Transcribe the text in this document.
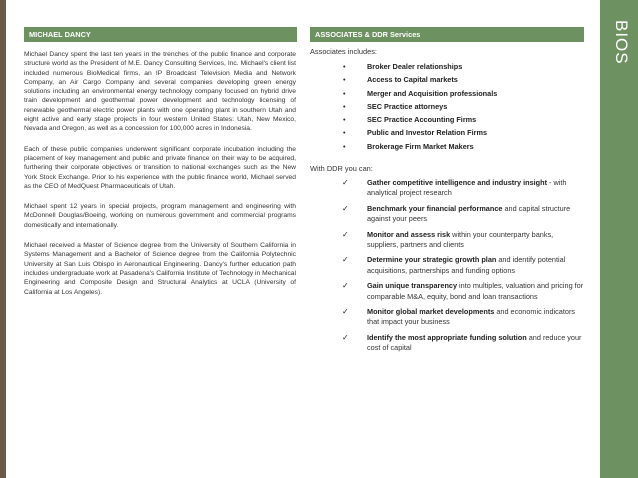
BIOS
MICHAEL DANCY

Michael Dancy spent the last ten years in the trenches of the public finance and corporate structure world as the President of M.E. Dancy Consulting Services, Inc. Michael's client list included numerous BioMedical firms, an IP Broadcast Television Media and Network Company, an Air Cargo Company and several companies developing green energy solutions including an environmental energy technology company focused on hybrid drive train development and geothermal power development and technology licensing of renewable geothermal electric power plants with one operating plant in southern Utah and eight active and early stage projects in four western United States: Utah, New Mexico, Nevada and Oregon, as well as a concession for 100,000 acres in Indonesia.

Each of these public companies underwent significant corporate incubation including the placement of key management and public and private finance on their way to be acquired, furthering their corporate objectives or transition to national exchanges such as the New York Stock Exchange. Prior to his experience with the public finance world, Michael served as the CEO of MedQuest Pharmaceuticals of Utah.

Michael spent 12 years in special projects, program management and engineering with McDonnell Douglas/Boeing, working on numerous government and commercial programs domestically and internationally.

Michael received a Master of Science degree from the University of Southern California in Systems Management and a Bachelor of Science degree from the California Polytechnic University at San Luis Obispo in Aeronautical Engineering. Dancy's further education path includes undergraduate work at Pasadena's California Institute of Technology in Mechanical Engineering and Composite Design and Structural Analytics at UCLA (University of California at Los Angeles).

ASSOCIATES & DDR Services
Associates includes:
•	Broker Dealer relationships
•	Access to Capital markets
•	Merger and Acquisition professionals
•	SEC Practice attorneys
•	SEC Practice Accounting Firms
•	Public and Investor Relation Firms
•	Brokerage Firm Market Makers
With DDR you can:
✓	Gather competitive intelligence and industry insight - with analytical project research
✓	Benchmark your financial performance and capital structure against your peers
✓	Monitor and assess risk within your counterparty banks, suppliers, partners and clients
✓	Determine your strategic growth plan and identify potential acquisitions, partnerships and funding options
✓	Gain unique transparency into multiples, valuation and pricing for comparable M&A, equity, bond and loan transactions
✓	Monitor global market developments and economic indicators that impact your business
✓	Identify the most appropriate funding solution and reduce your cost of capital
